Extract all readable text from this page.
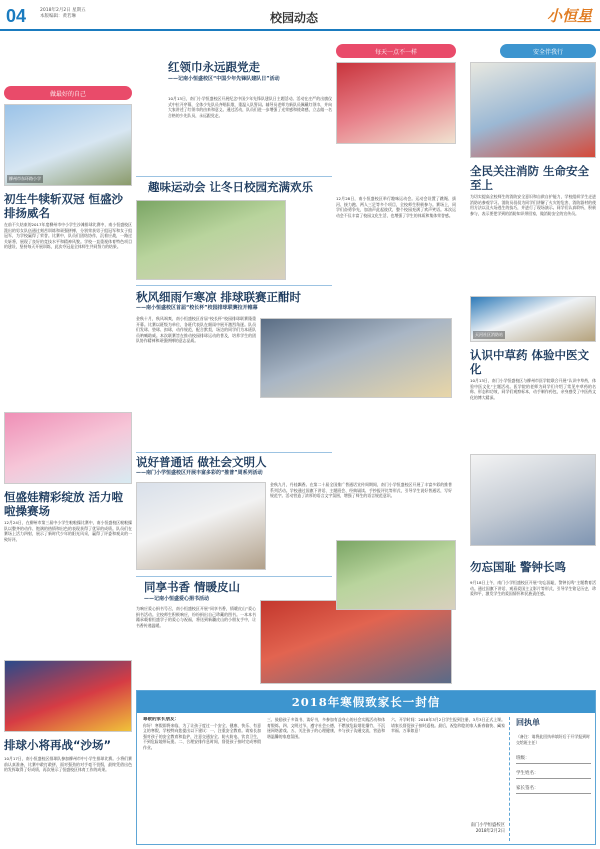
04	2018年2月2日 星期五
本版编辑：黄若琳	校园动态	小恒星
做最好的自己
柳州市东环路小学
初生牛犊斩双冠 恒盛沙排扬威名
在前不久结束的2017年度柳州市中小学生沙滩排球比赛中，南小恒盛校区派出的男女队伍通过刻苦训练和顽强拼搏，分别荣获男子组冠军和女子组冠军，为学校赢得了荣誉。比赛中，队员们团结协作，沉着应战，一路过关斩将，展现了良好的竞技水平和精神风貌。学校一直重视体育特色项目的建设，坚持每天开展训练，此次夺冠是全体师生共同努力的结果。
恒盛娃精彩绽放 活力啦啦操赛场
12月24日，在柳州市第三届中小学生啦啦操比赛中，南小恒盛校区啦啦操队以整齐的动作、饱满的热情和出色的表现获得了优异的成绩。队员们在赛场上活力四射，展示了新时代少年的阳光风采，赢得了评委和观众的一致好评。
排球小将再战“沙场”
10月17日，南小恒盛校区排球队参加柳州市中小学生排球比赛。小将们赛前认真准备，比赛中敢打敢拼，面对强劲的对手毫不畏惧，最终凭借出色的发挥取得了好成绩，再次展示了恒盛校区体育工作的成果。
红领巾永远跟党走
——记南小恒盛校区“中国少年先锋队建队日”活动
10月13日，南门小学恒盛校区开展纪念中国少年先锋队建队日主题活动。活动在庄严的出旗仪式中拉开序幕，全体少先队员齐唱队歌，重温入队誓词。辅导员老师为新队员佩戴红领巾，并向大家讲述了红领巾的由来和意义。通过活动，队员们进一步增强了光荣感和使命感，立志做一名合格的少先队员，永远跟党走。
趣味运动会 让冬日校园充满欢乐
秋风细雨乍寒凉 排球联赛正酣时
——南小恒盛校区首届“校长杯”校园排球联赛拉开帷幕
金秋十月，秋风飒爽，南小恒盛校区首届“校长杯”校园排球联赛隆重开幕。比赛以班级为单位，各班代表队在细雨中展开激烈角逐。队员们发球、垫球、扣球，动作规范，配合默契，场边的同学们为本班队员呐喊助威。本次联赛旨在推动校园排球运动的普及，培养学生的团队协作精神和顽强拼搏的意志品质。
说好普通话 做社会文明人
——南门小学恒盛校区开展丰富多彩的“推普”周系列活动
金秋九月，丹桂飘香。在第二十届全国推广普通话宣传周期间，南门小学恒盛校区开展了丰富多彩的推普系列活动。学校通过国旗下讲话、主题班会、经典诵读、手抄报评比等形式，引导学生说好普通话，写好规范字。活动营造了浓厚的语言文字氛围，增强了师生的语言规范意识。
同享书香 情暖皮山
——记南小恒盛爱心捐书活动
为响应爱心捐书号召，南小恒盛校区开展“同享书香，情暖皮山”爱心捐书活动。全校师生积极响应，纷纷捐出自己珍藏的图书。一本本书籍承载着恒盛学子的爱心与祝福，将送到新疆皮山的小朋友手中，让书香传递温暖。
每天一点不一样
12月28日，南小恒盛校区举行趣味运动会。运动会设置了跳绳、拔河、接力跑、两人三足等多个项目，全校师生积极参与。赛场上，同学们奋勇争先，加油声此起彼伏，整个校园充满了欢声笑语。本次运动会不仅丰富了校园文化生活，也增强了学生的体质和集体荣誉感。
安全伴我行
全民关注消防 生命安全至上
为切实提高全校师生的消防安全意识和自救自护能力，学校组织学生走进消防站参观学习。消防员叔叔为同学们讲解了火灾的危害、消防器材的使用方法以及火场逃生的技巧，并进行了现场演示。同学们认真聆听，积极参与，表示要把学到的消防知识带回家，做消防安全的宣传员。
天河社区消防站
认识中草药 体验中医文化
10月13日，南门小学恒盛校区与柳州市医学院联合开展“认识中草药，体验中医文化”主题活动。医学院的老师为同学们介绍了常见中草药的名称、形态和功效，同学们观察标本，动手制作药包，亲身感受了中医药文化的博大精深。
勿忘国耻 警钟长鸣
9月18日上午，南门小学恒盛校区开展“勿忘国耻，警钟长鸣”主题教育活动。通过国旗下讲话、观看爱国主义影片等形式，引导学生铭记历史，珍爱和平，激发学生的爱国情怀和民族责任感。
2018年寒假致家长一封信
尊敬的家长朋友：
你好！寒假即将来临，为了让孩子度过一个安全、健康、快乐、有意义的寒假，学校特向您提出以下建议：一、注重安全教育。请家长加强对孩子的安全教育和监护，注意交通安全、防火防电、饮食卫生，不到危险地带玩耍。二、合理安排作息时间，督促孩子按时完成寒假作业。
三、鼓励孩子多读书、读好书，多参加有益身心的社会实践活动和体育锻炼。四、文明过节，遵守社会公德，不燃放危险烟花爆竹，不沉迷网络游戏。五、关注孩子的心理健康，多与孩子沟通交流，营造和谐温馨的家庭氛围。
六、开学时间：2018年3月2日学生报到注册，3月3日正式上课。请家长督促孩子按时返校。最后，祝您和您的家人新春愉快、阖家幸福、万事如意！
南门小学恒盛校区
2018年2月2日
回执单
（备注：请将此回执单填好后于开学报到时交给班主任）
班级：
学生姓名：
家长签名：
